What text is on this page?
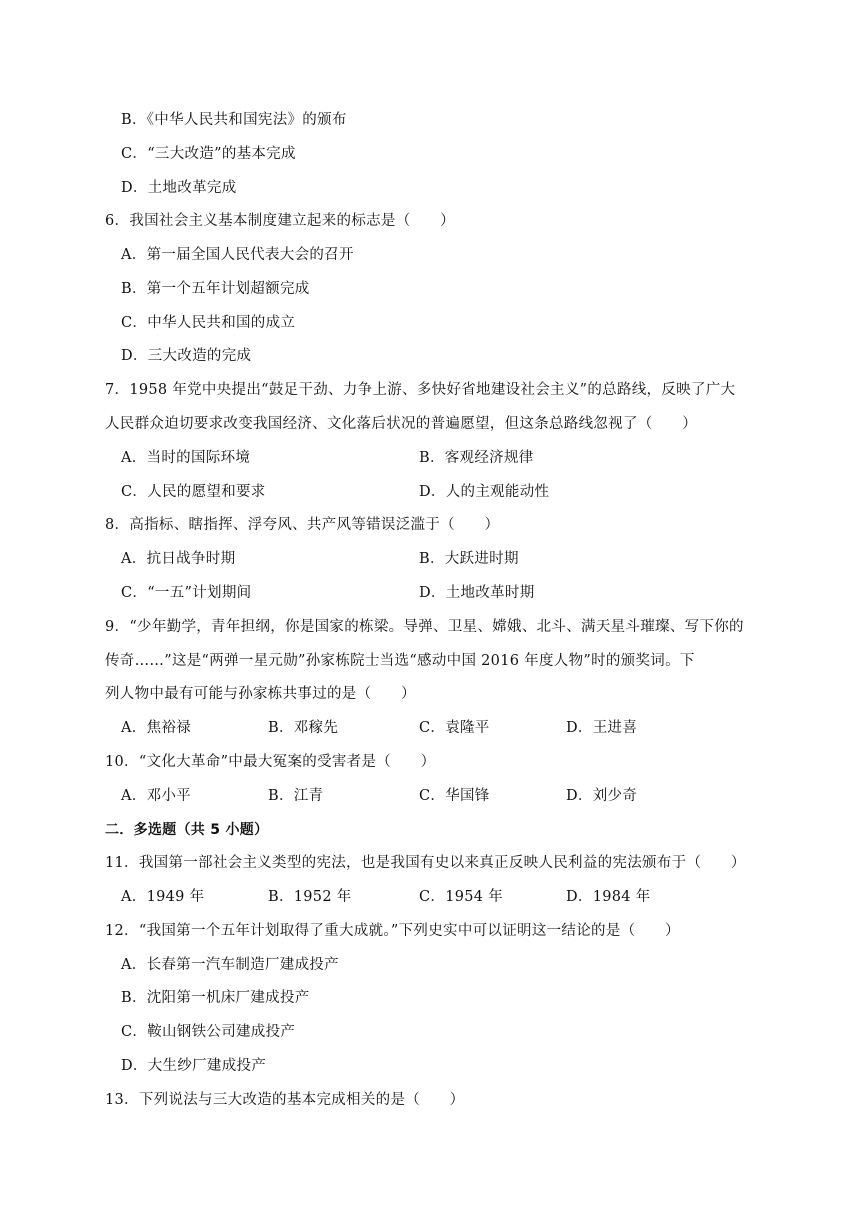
B．《中华人民共和国宪法》的颁布
C．“三大改造”的基本完成
D．土地改革完成
6．我国社会主义基本制度建立起来的标志是（　　）
A．第一届全国人民代表大会的召开
B．第一个五年计划超额完成
C．中华人民共和国的成立
D．三大改造的完成
7．1958 年党中央提出“鼓足干劲、力争上游、多快好省地建设社会主义”的总路线，反映了广大
人民群众迫切要求改变我国经济、文化落后状况的普遍愿望，但这条总路线忽视了（　　）
A．当时的国际环境	B．客观经济规律
C．人民的愿望和要求	D．人的主观能动性
8．高指标、瞎指挥、浮夸风、共产风等错误泛滥于（　　）
A．抗日战争时期	B．大跃进时期
C．“一五”计划期间	D．土地改革时期
9．“少年勤学，青年担纲，你是国家的栋梁。导弹、卫星、嫦娥、北斗、满天星斗璀璨、写下你的
传奇……”这是“两弹一星元勋”孙家栋院士当选“感动中国 2016 年度人物”时的颁奖词。下
列人物中最有可能与孙家栋共事过的是（　　）
A．焦裕禄	B．邓稼先	C．袁隆平	D．王进喜
10．“文化大革命”中最大冤案的受害者是（　　）
A．邓小平	B．江青	C．华国锋	D．刘少奇
二．多选题（共 5 小题）
11．我国第一部社会主义类型的宪法，也是我国有史以来真正反映人民利益的宪法颁布于（　　）
A．1949 年	B．1952 年	C．1954 年	D．1984 年
12．“我国第一个五年计划取得了重大成就。”下列史实中可以证明这一结论的是（　　）
A．长春第一汽车制造厂建成投产
B．沈阳第一机床厂建成投产
C．鞍山钢铁公司建成投产
D．大生纱厂建成投产
13．下列说法与三大改造的基本完成相关的是（　　）
